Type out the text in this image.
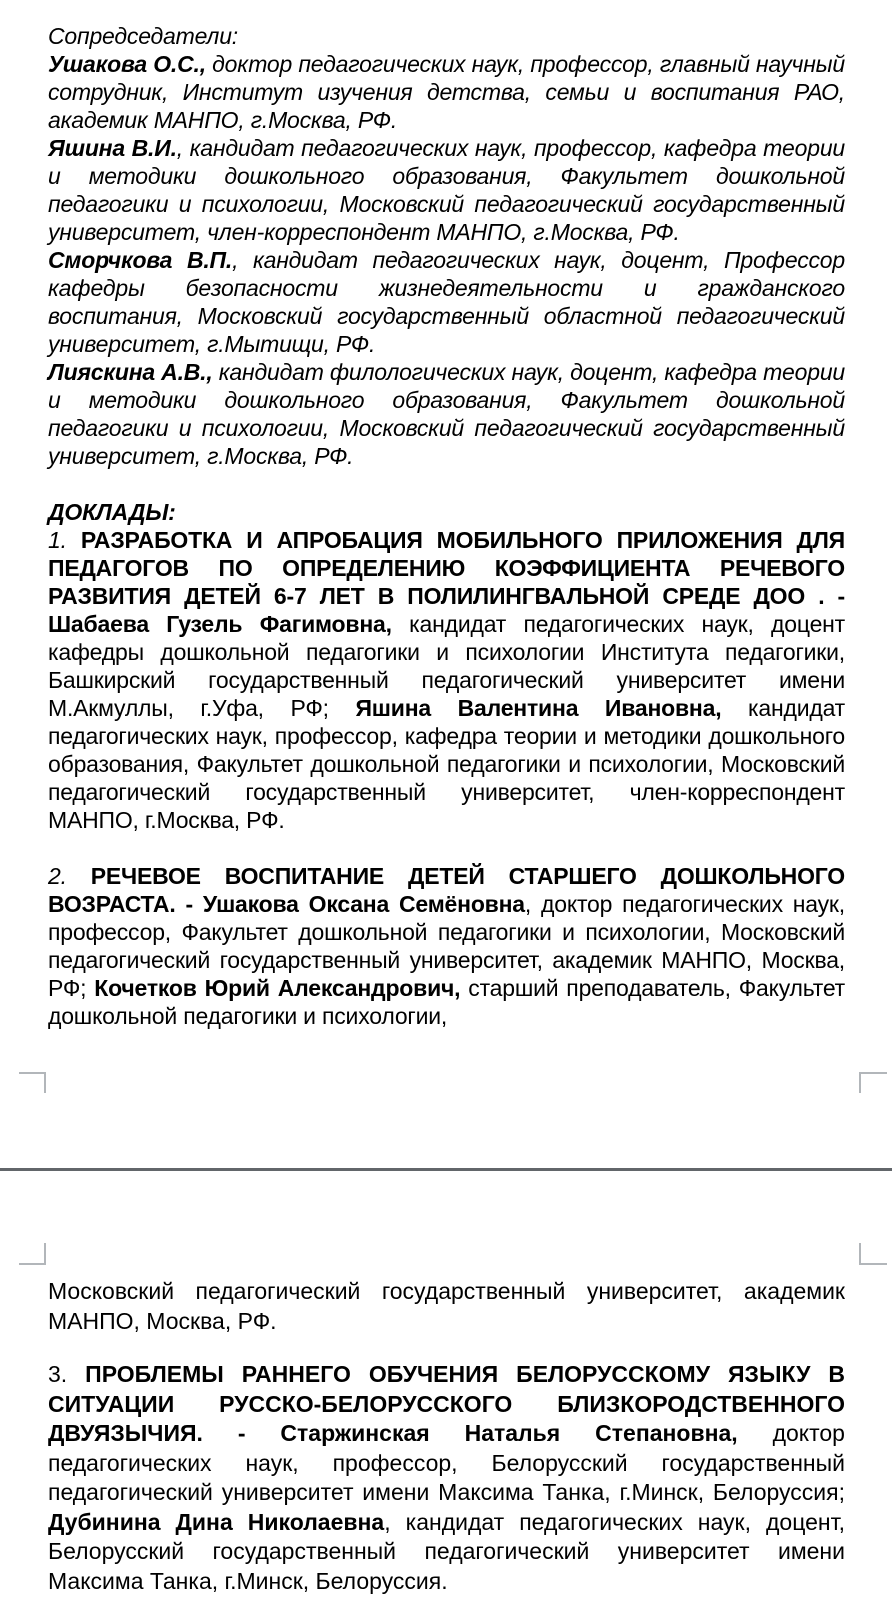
Сопредседатели:

Ушакова О.С., доктор педагогических наук, профессор, главный научный сотрудник, Институт изучения детства, семьи и воспитания РАО, академик МАНПО, г.Москва, РФ.

Яшина В.И., кандидат педагогических наук, профессор, кафедра теории и методики дошкольного образования, Факультет дошкольной педагогики и психологии, Московский педагогический государственный университет, член-корреспондент МАНПО, г.Москва, РФ.

Сморчкова В.П., кандидат педагогических наук, доцент, Профессор кафедры безопасности жизнедеятельности и гражданского воспитания, Московский государственный областной педагогический университет, г.Мытищи, РФ.

Лияскина А.В., кандидат филологических наук, доцент, кафедра теории и методики дошкольного образования, Факультет дошкольной педагогики и психологии, Московский педагогический государственный университет, г.Москва, РФ.

ДОКЛАДЫ:

1. РАЗРАБОТКА И АПРОБАЦИЯ МОБИЛЬНОГО ПРИЛОЖЕНИЯ ДЛЯ ПЕДАГОГОВ ПО ОПРЕДЕЛЕНИЮ КОЭФФИЦИЕНТА РЕЧЕВОГО РАЗВИТИЯ ДЕТЕЙ 6-7 ЛЕТ В ПОЛИЛИНГВАЛЬНОЙ СРЕДЕ ДОО . - Шабаева Гузель Фагимовна, кандидат педагогических наук, доцент кафедры дошкольной педагогики и психологии Института педагогики, Башкирский государственный педагогический университет имени М.Акмуллы, г.Уфа, РФ; Яшина Валентина Ивановна, кандидат педагогических наук, профессор, кафедра теории и методики дошкольного образования, Факультет дошкольной педагогики и психологии, Московский педагогический государственный университет, член-корреспондент МАНПО, г.Москва, РФ.

2. РЕЧЕВОЕ ВОСПИТАНИЕ ДЕТЕЙ СТАРШЕГО ДОШКОЛЬНОГО ВОЗРАСТА. - Ушакова Оксана Семёновна, доктор педагогических наук, профессор, Факультет дошкольной педагогики и психологии, Московский педагогический государственный университет, академик МАНПО, Москва, РФ; Кочетков Юрий Александрович, старший преподаватель, Факультет дошкольной педагогики и психологии,

Московский педагогический государственный университет, академик МАНПО, Москва, РФ.

3. ПРОБЛЕМЫ РАННЕГО ОБУЧЕНИЯ БЕЛОРУССКОМУ ЯЗЫКУ В СИТУАЦИИ РУССКО-БЕЛОРУССКОГО БЛИЗКОРОДСТВЕННОГО ДВУЯЗЫЧИЯ. - Старжинская Наталья Степановна, доктор педагогических наук, профессор, Белорусский государственный педагогический университет имени Максима Танка, г.Минск, Белоруссия; Дубинина Дина Николаевна, кандидат педагогических наук, доцент, Белорусский государственный педагогический университет имени Максима Танка, г.Минск, Белоруссия.
